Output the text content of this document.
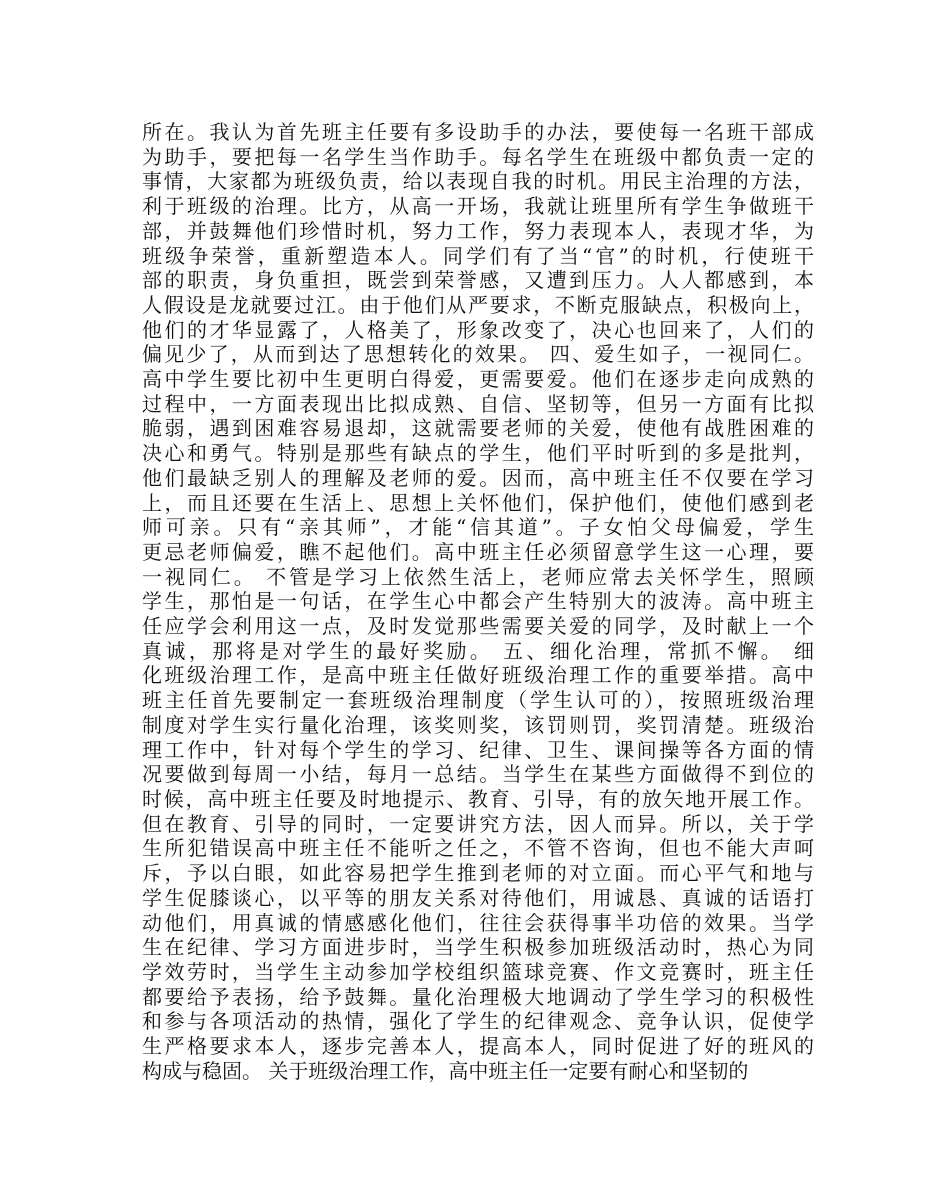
所在。我认为首先班主任要有多设助手的办法，要使每一名班干部成
为助手，要把每一名学生当作助手。每名学生在班级中都负责一定的
事情，大家都为班级负责，给以表现自我的时机。用民主治理的方法，
利于班级的治理。比方，从高一开场，我就让班里所有学生争做班干
部，并鼓舞他们珍惜时机，努力工作，努力表现本人，表现才华，为
班级争荣誉，重新塑造本人。同学们有了当“官”的时机，行使班干
部的职责，身负重担，既尝到荣誉感，又遭到压力。人人都感到，本
人假设是龙就要过江。由于他们从严要求，不断克服缺点，积极向上，
他们的才华显露了，人格美了，形象改变了，决心也回来了，人们的
偏见少了，从而到达了思想转化的效果。 四、爱生如子，一视同仁。
高中学生要比初中生更明白得爱，更需要爱。他们在逐步走向成熟的
过程中，一方面表现出比拟成熟、自信、坚韧等，但另一方面有比拟
脆弱，遇到困难容易退却，这就需要老师的关爱，使他有战胜困难的
决心和勇气。特别是那些有缺点的学生，他们平时听到的多是批判，
他们最缺乏别人的理解及老师的爱。因而，高中班主任不仅要在学习
上，而且还要在生活上、思想上关怀他们，保护他们，使他们感到老
师可亲。只有“亲其师”，才能“信其道”。子女怕父母偏爱，学生
更忌老师偏爱，瞧不起他们。高中班主任必须留意学生这一心理，要
一视同仁。 不管是学习上依然生活上，老师应常去关怀学生，照顾
学生，那怕是一句话，在学生心中都会产生特别大的波涛。高中班主
任应学会利用这一点，及时发觉那些需要关爱的同学，及时献上一个
真诚，那将是对学生的最好奖励。 五、细化治理，常抓不懈。 细
化班级治理工作，是高中班主任做好班级治理工作的重要举措。高中
班主任首先要制定一套班级治理制度（学生认可的），按照班级治理
制度对学生实行量化治理，该奖则奖，该罚则罚，奖罚清楚。班级治
理工作中，针对每个学生的学习、纪律、卫生、课间操等各方面的情
况要做到每周一小结，每月一总结。当学生在某些方面做得不到位的
时候，高中班主任要及时地提示、教育、引导，有的放矢地开展工作。
但在教育、引导的同时，一定要讲究方法，因人而异。所以，关于学
生所犯错误高中班主任不能听之任之，不管不咨询，但也不能大声呵
斥，予以白眼，如此容易把学生推到老师的对立面。而心平气和地与
学生促膝谈心，以平等的朋友关系对待他们，用诚恳、真诚的话语打
动他们，用真诚的情感感化他们，往往会获得事半功倍的效果。当学
生在纪律、学习方面进步时，当学生积极参加班级活动时，热心为同
学效劳时，当学生主动参加学校组织篮球竞赛、作文竞赛时，班主任
都要给予表扬，给予鼓舞。量化治理极大地调动了学生学习的积极性
和参与各项活动的热情，强化了学生的纪律观念、竞争认识，促使学
生严格要求本人，逐步完善本人，提高本人，同时促进了好的班风的
构成与稳固。 关于班级治理工作，高中班主任一定要有耐心和坚韧的
